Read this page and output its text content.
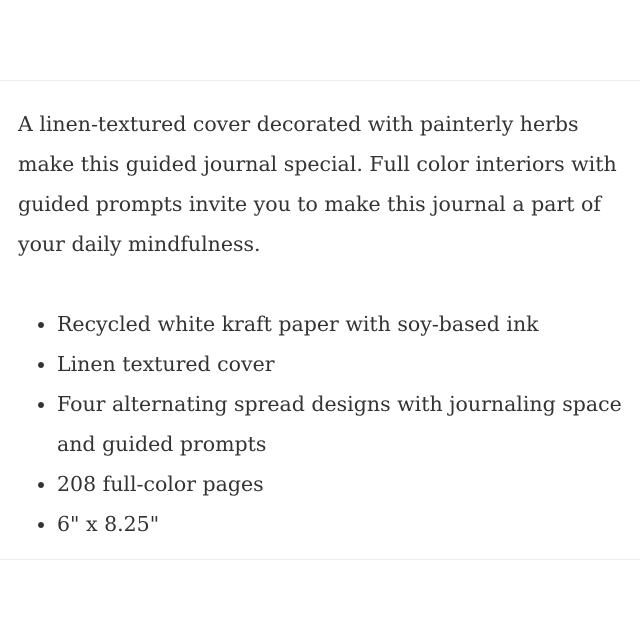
A linen-textured cover decorated with painterly herbs make this guided journal special. Full color interiors with guided prompts invite you to make this journal a part of your daily mindfulness.

• Recycled white kraft paper with soy-based ink
• Linen textured cover
• Four alternating spread designs with journaling space and guided prompts
• 208 full-color pages
• 6" x 8.25"
